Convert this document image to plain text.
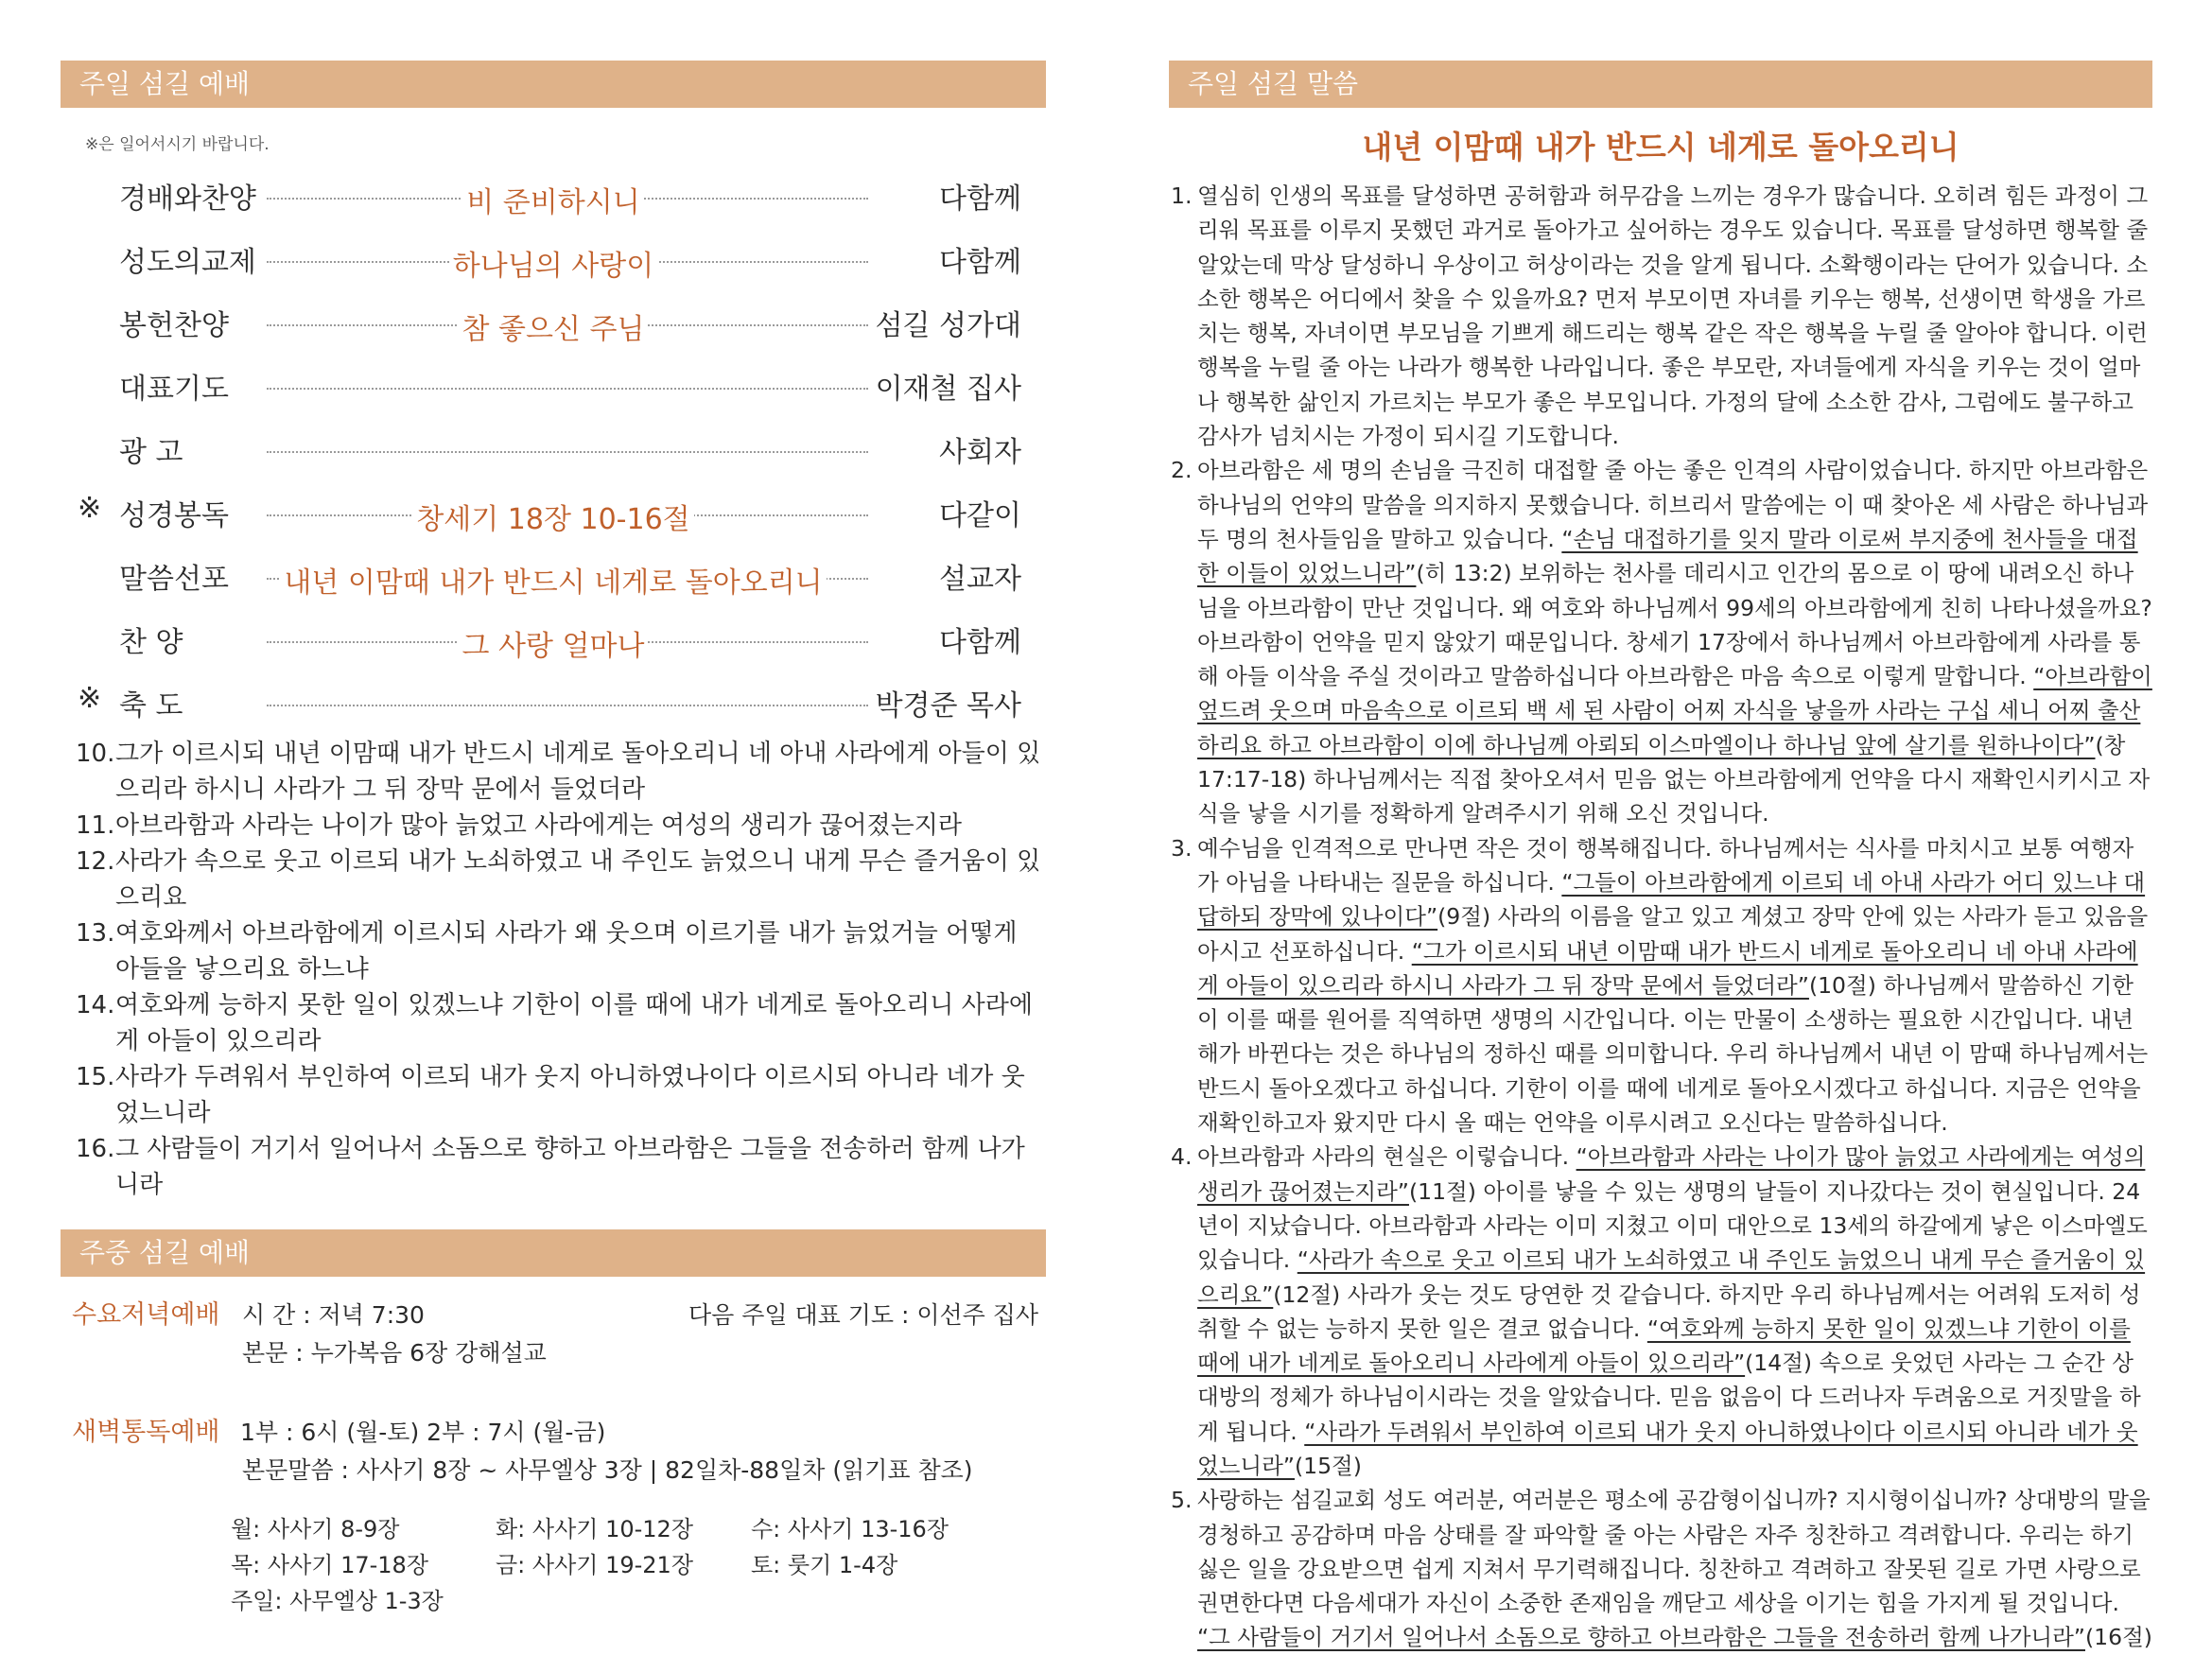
주일 섬길 예배
※은 일어서시기 바랍니다.
경배와찬양	비 준비하시니	다함께
성도의교제	하나님의 사랑이	다함께
봉헌찬양	참 좋으신 주님	섬길 성가대
대표기도	이재철 집사
광 고	사회자
※ 성경봉독	창세기 18장 10-16절	다같이
말씀선포	내년 이맘때 내가 반드시 네게로 돌아오리니	설교자
찬 양	그 사랑 얼마나	다함께
※ 축 도	박경준 목사
10. 그가 이르시되 내년 이맘때 내가 반드시 네게로 돌아오리니 네 아내 사라에게 아들이 있으리라 하시니 사라가 그 뒤 장막 문에서 들었더라
11. 아브라함과 사라는 나이가 많아 늙었고 사라에게는 여성의 생리가 끊어졌는지라
12. 사라가 속으로 웃고 이르되 내가 노쇠하였고 내 주인도 늙었으니 내게 무슨 즐거움이 있으리요
13. 여호와께서 아브라함에게 이르시되 사라가 왜 웃으며 이르기를 내가 늙었거늘 어떻게 아들을 낳으리요 하느냐
14. 여호와께 능하지 못한 일이 있겠느냐 기한이 이를 때에 내가 네게로 돌아오리니 사라에게 아들이 있으리라
15. 사라가 두려워서 부인하여 이르되 내가 웃지 아니하였나이다 이르시되 아니라 네가 웃었느니라
16. 그 사람들이 거기서 일어나서 소돔으로 향하고 아브라함은 그들을 전송하러 함께 나가니라
주중 섬길 예배
수요저녁예배 시 간 : 저녁 7:30	다음 주일 대표 기도 : 이선주 집사
본문 : 누가복음 6장 강해설교
새벽통독예배 1부 : 6시 (월-토) 2부 : 7시 (월-금)
본문말씀 : 사사기 8장 ~ 사무엘상 3장 | 82일차-88일차 (읽기표 참조)
월: 사사기 8-9장	화: 사사기 10-12장	수: 사사기 13-16장
목: 사사기 17-18장	금: 사사기 19-21장	토: 룻기 1-4장
주일: 사무엘상 1-3장
주일 섬길 말씀
내년 이맘때 내가 반드시 네게로 돌아오리니
1. 열심히 인생의 목표를 달성하면 공허함과 허무감을 느끼는 경우가 많습니다. 오히려 힘든 과정이 그리워 목표를 이루지 못했던 과거로 돌아가고 싶어하는 경우도 있습니다. 목표를 달성하면 행복할 줄 알았는데 막상 달성하니 우상이고 허상이라는 것을 알게 됩니다. 소확행이라는 단어가 있습니다. 소소한 행복은 어디에서 찾을 수 있을까요? 먼저 부모이면 자녀를 키우는 행복, 선생이면 학생을 가르치는 행복, 자녀이면 부모님을 기쁘게 해드리는 행복 같은 작은 행복을 누릴 줄 알아야 합니다. 이런 행복을 누릴 줄 아는 나라가 행복한 나라입니다. 좋은 부모란, 자녀들에게 자식을 키우는 것이 얼마나 행복한 삶인지 가르치는 부모가 좋은 부모입니다. 가정의 달에 소소한 감사, 그럼에도 불구하고 감사가 넘치시는 가정이 되시길 기도합니다.
2. 아브라함은 세 명의 손님을 극진히 대접할 줄 아는 좋은 인격의 사람이었습니다. 하지만 아브라함은 하나님의 언약의 말씀을 의지하지 못했습니다. 히브리서 말씀에는 이 때 찾아온 세 사람은 하나님과 두 명의 천사들임을 말하고 있습니다. “손님 대접하기를 잊지 말라 이로써 부지중에 천사들을 대접한 이들이 있었느니라”(히 13:2) 보위하는 천사를 데리시고 인간의 몸으로 이 땅에 내려오신 하나님을 아브라함이 만난 것입니다. 왜 여호와 하나님께서 99세의 아브라함에게 친히 나타나셨을까요? 아브라함이 언약을 믿지 않았기 때문입니다. 창세기 17장에서 하나님께서 아브라함에게 사라를 통해 아들 이삭을 주실 것이라고 말씀하십니다 아브라함은 마음 속으로 이렇게 말합니다. “아브라함이 엎드려 웃으며 마음속으로 이르되 백 세 된 사람이 어찌 자식을 낳을까 사라는 구십 세니 어찌 출산하리요 하고 아브라함이 이에 하나님께 아뢰되 이스마엘이나 하나님 앞에 살기를 원하나이다”(창 17:17-18) 하나님께서는 직접 찾아오셔서 믿음 없는 아브라함에게 언약을 다시 재확인시키시고 자식을 낳을 시기를 정확하게 알려주시기 위해 오신 것입니다.
3. 예수님을 인격적으로 만나면 작은 것이 행복해집니다. 하나님께서는 식사를 마치시고 보통 여행자가 아님을 나타내는 질문을 하십니다. “그들이 아브라함에게 이르되 네 아내 사라가 어디 있느냐 대답하되 장막에 있나이다”(9절) 사라의 이름을 알고 있고 계셨고 장막 안에 있는 사라가 듣고 있음을 아시고 선포하십니다. “그가 이르시되 내년 이맘때 내가 반드시 네게로 돌아오리니 네 아내 사라에게 아들이 있으리라 하시니 사라가 그 뒤 장막 문에서 들었더라”(10절) 하나님께서 말씀하신 기한이 이를 때를 원어를 직역하면 생명의 시간입니다. 이는 만물이 소생하는 필요한 시간입니다. 내년 해가 바뀐다는 것은 하나님의 정하신 때를 의미합니다. 우리 하나님께서 내년 이 맘때 하나님께서는 반드시 돌아오겠다고 하십니다. 기한이 이를 때에 네게로 돌아오시겠다고 하십니다. 지금은 언약을 재확인하고자 왔지만 다시 올 때는 언약을 이루시려고 오신다는 말씀하십니다.
4. 아브라함과 사라의 현실은 이렇습니다. “아브라함과 사라는 나이가 많아 늙었고 사라에게는 여성의 생리가 끊어졌는지라”(11절) 아이를 낳을 수 있는 생명의 날들이 지나갔다는 것이 현실입니다. 24년이 지났습니다. 아브라함과 사라는 이미 지쳤고 이미 대안으로 13세의 하갈에게 낳은 이스마엘도 있습니다. “사라가 속으로 웃고 이르되 내가 노쇠하였고 내 주인도 늙었으니 내게 무슨 즐거움이 있으리요”(12절) 사라가 웃는 것도 당연한 것 같습니다. 하지만 우리 하나님께서는 어려워 도저히 성취할 수 없는 능하지 못한 일은 결코 없습니다. “여호와께 능하지 못한 일이 있겠느냐 기한이 이를 때에 내가 네게로 돌아오리니 사라에게 아들이 있으리라”(14절) 속으로 웃었던 사라는 그 순간 상대방의 정체가 하나님이시라는 것을 알았습니다. 믿음 없음이 다 드러나자 두려움으로 거짓말을 하게 됩니다. “사라가 두려워서 부인하여 이르되 내가 웃지 아니하였나이다 이르시되 아니라 네가 웃었느니라”(15절)
5. 사랑하는 섬길교회 성도 여러분, 여러분은 평소에 공감형이십니까? 지시형이십니까? 상대방의 말을 경청하고 공감하며 마음 상태를 잘 파악할 줄 아는 사람은 자주 칭찬하고 격려합니다. 우리는 하기 싫은 일을 강요받으면 쉽게 지쳐서 무기력해집니다. 칭찬하고 격려하고 잘못된 길로 가면 사랑으로 권면한다면 다음세대가 자신이 소중한 존재임을 깨닫고 세상을 이기는 힘을 가지게 될 것입니다. “그 사람들이 거기서 일어나서 소돔으로 향하고 아브라함은 그들을 전송하러 함께 나가니라”(16절)
